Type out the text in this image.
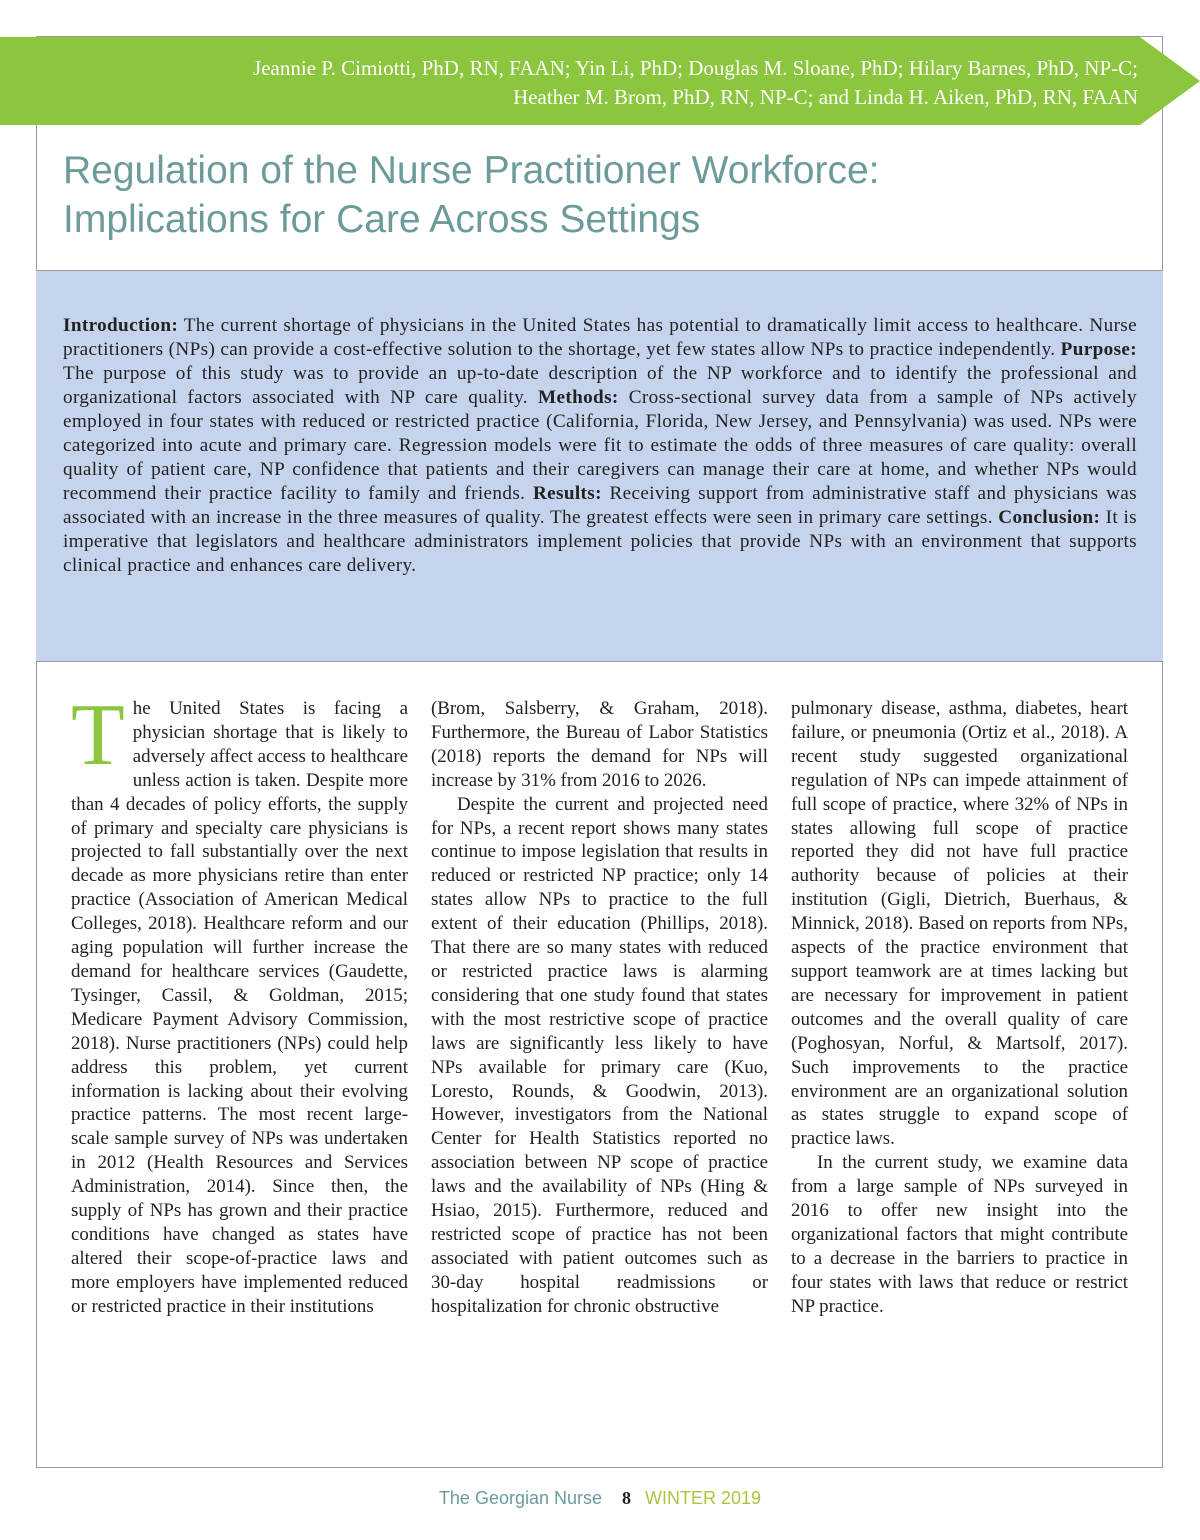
Jeannie P. Cimiotti, PhD, RN, FAAN; Yin Li, PhD; Douglas M. Sloane, PhD; Hilary Barnes, PhD, NP-C;
Heather M. Brom, PhD, RN, NP-C; and Linda H. Aiken, PhD, RN, FAAN
Regulation of the Nurse Practitioner Workforce:
Implications for Care Across Settings

Introduction: The current shortage of physicians in the United States has potential to dramatically limit access to healthcare. Nurse practitioners (NPs) can provide a cost-effective solution to the shortage, yet few states allow NPs to practice independently. Purpose: The purpose of this study was to provide an up-to-date description of the NP workforce and to identify the professional and organizational factors associated with NP care quality. Methods: Cross-sectional survey data from a sample of NPs actively employed in four states with reduced or restricted practice (California, Florida, New Jersey, and Pennsylvania) was used. NPs were categorized into acute and primary care. Regression models were fit to estimate the odds of three measures of care quality: overall quality of patient care, NP confidence that patients and their caregivers can manage their care at home, and whether NPs would recommend their practice facility to family and friends. Results: Receiving support from administrative staff and physicians was associated with an increase in the three measures of quality. The greatest effects were seen in primary care settings. Conclusion: It is imperative that legislators and healthcare administrators implement policies that provide NPs with an environment that supports clinical practice and enhances care delivery.

The United States is facing a physician shortage that is likely to adversely affect access to healthcare unless action is taken. Despite more than 4 decades of policy efforts, the supply of primary and specialty care physicians is projected to fall substantially over the next decade as more physicians retire than enter practice (Association of American Medical Colleges, 2018). Healthcare reform and our aging population will further increase the demand for healthcare services (Gaudette, Tysinger, Cassil, & Goldman, 2015; Medicare Payment Advisory Commission, 2018). Nurse practitioners (NPs) could help address this problem, yet current information is lacking about their evolving practice patterns. The most recent large-scale sample survey of NPs was undertaken in 2012 (Health Resources and Services Administration, 2014). Since then, the supply of NPs has grown and their practice conditions have changed as states have altered their scope-of-practice laws and more employers have implemented reduced or restricted practice in their institutions

(Brom, Salsberry, & Graham, 2018). Furthermore, the Bureau of Labor Statistics (2018) reports the demand for NPs will increase by 31% from 2016 to 2026.

Despite the current and projected need for NPs, a recent report shows many states continue to impose legislation that results in reduced or restricted NP practice; only 14 states allow NPs to practice to the full extent of their education (Phillips, 2018). That there are so many states with reduced or restricted practice laws is alarming considering that one study found that states with the most restrictive scope of practice laws are significantly less likely to have NPs available for primary care (Kuo, Loresto, Rounds, & Goodwin, 2013). However, investigators from the National Center for Health Statistics reported no association between NP scope of practice laws and the availability of NPs (Hing & Hsiao, 2015). Furthermore, reduced and restricted scope of practice has not been associated with patient outcomes such as 30-day hospital readmissions or hospitalization for chronic obstructive

pulmonary disease, asthma, diabetes, heart failure, or pneumonia (Ortiz et al., 2018). A recent study suggested organizational regulation of NPs can impede attainment of full scope of practice, where 32% of NPs in states allowing full scope of practice reported they did not have full practice authority because of policies at their institution (Gigli, Dietrich, Buerhaus, & Minnick, 2018). Based on reports from NPs, aspects of the practice environment that support teamwork are at times lacking but are necessary for improvement in patient outcomes and the overall quality of care (Poghosyan, Norful, & Martsolf, 2017). Such improvements to the practice environment are an organizational solution as states struggle to expand scope of practice laws.

In the current study, we examine data from a large sample of NPs surveyed in 2016 to offer new insight into the organizational factors that might contribute to a decrease in the barriers to practice in four states with laws that reduce or restrict NP practice.

The Georgian Nurse 8 WINTER 2019
